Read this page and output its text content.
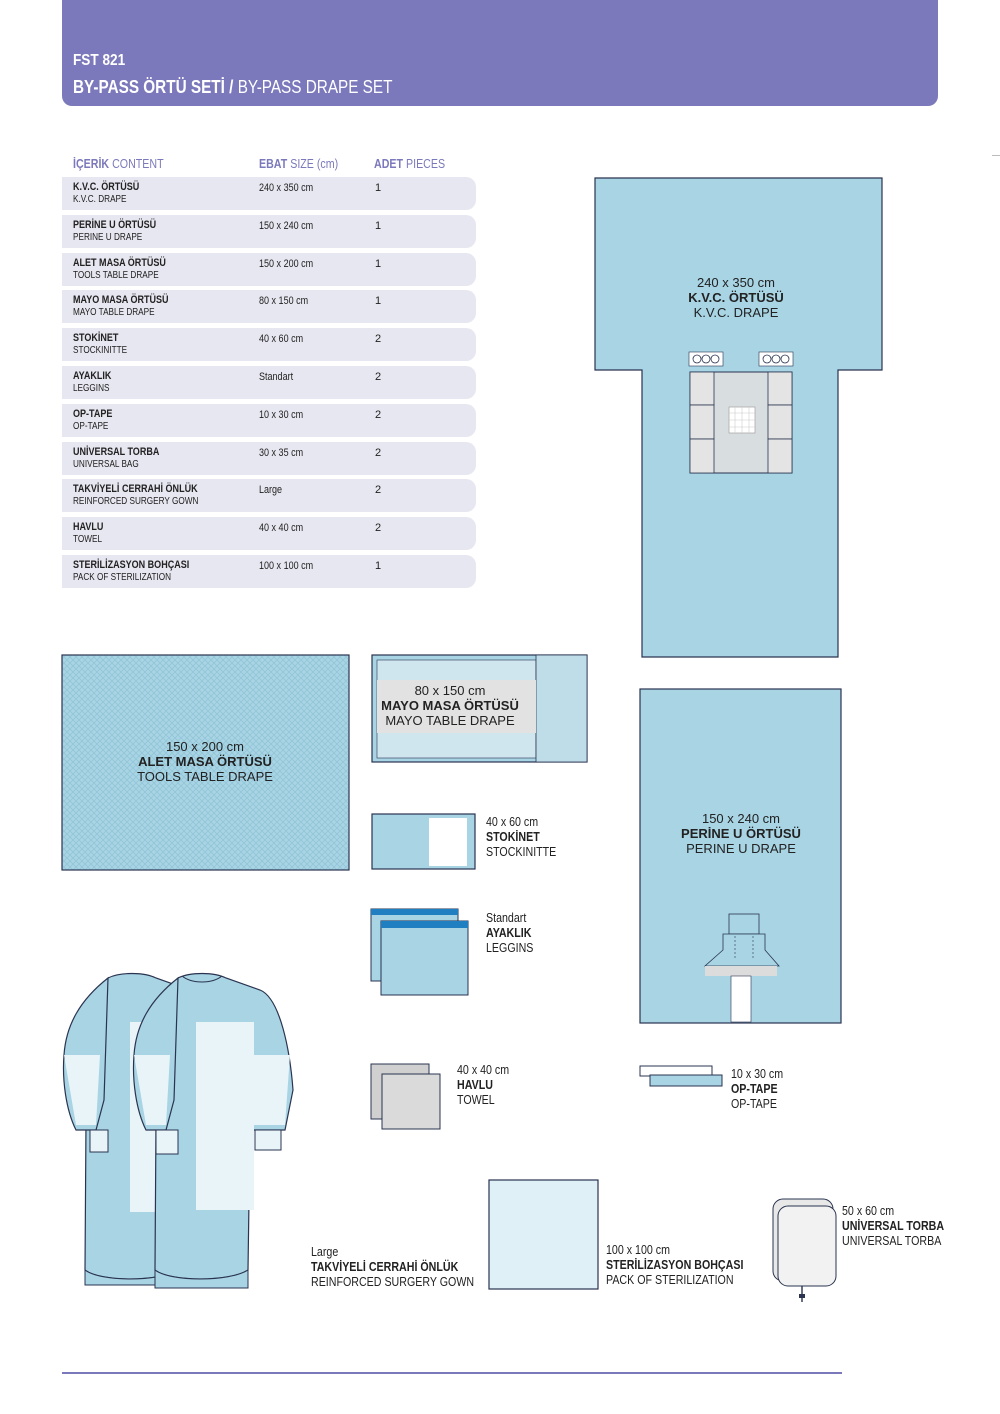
FST 821
BY-PASS ÖRTÜ SETİ / BY-PASS DRAPE SET
İÇERİK CONTENT	EBAT SIZE (cm)	ADET PIECES
K.V.C. ÖRTÜSÜ
K.V.C. DRAPE
240 x 350 cm	1
PERİNE U ÖRTÜSÜ
PERINE U DRAPE
150 x 240 cm	1
ALET MASA ÖRTÜSÜ
TOOLS TABLE DRAPE
150 x 200 cm	1
MAYO MASA ÖRTÜSÜ
MAYO TABLE DRAPE
80 x 150 cm	1
STOKİNET
STOCKINITTE
40 x 60 cm	2
AYAKLIK
LEGGINS
Standart	2
OP-TAPE
OP-TAPE
10 x 30 cm	2
UNİVERSAL TORBA
UNIVERSAL BAG
30 x 35 cm	2
TAKVİYELİ CERRAHİ ÖNLÜK
REINFORCED SURGERY GOWN
Large	2
HAVLU
TOWEL
40 x 40 cm	2
STERİLİZASYON BOHÇASI
PACK OF STERILIZATION
100 x 100 cm	1
240 x 350 cm
K.V.C. ÖRTÜSÜ
K.V.C. DRAPE
150 x 200 cm
ALET MASA ÖRTÜSÜ
TOOLS TABLE DRAPE
80 x 150 cm
MAYO MASA ÖRTÜSÜ
MAYO TABLE DRAPE
40 x 60 cm
STOKİNET
STOCKINITTE
Standart
AYAKLIK
LEGGINS
150 x 240 cm
PERİNE U ÖRTÜSÜ
PERINE U DRAPE
Large
TAKVİYELİ CERRAHİ ÖNLÜK
REINFORCED SURGERY GOWN
40 x 40 cm
HAVLU
TOWEL
10 x 30 cm
OP-TAPE
OP-TAPE
100 x 100 cm
STERİLİZASYON BOHÇASI
PACK OF STERILIZATION
50 x 60 cm
UNİVERSAL TORBA
UNIVERSAL TORBA
